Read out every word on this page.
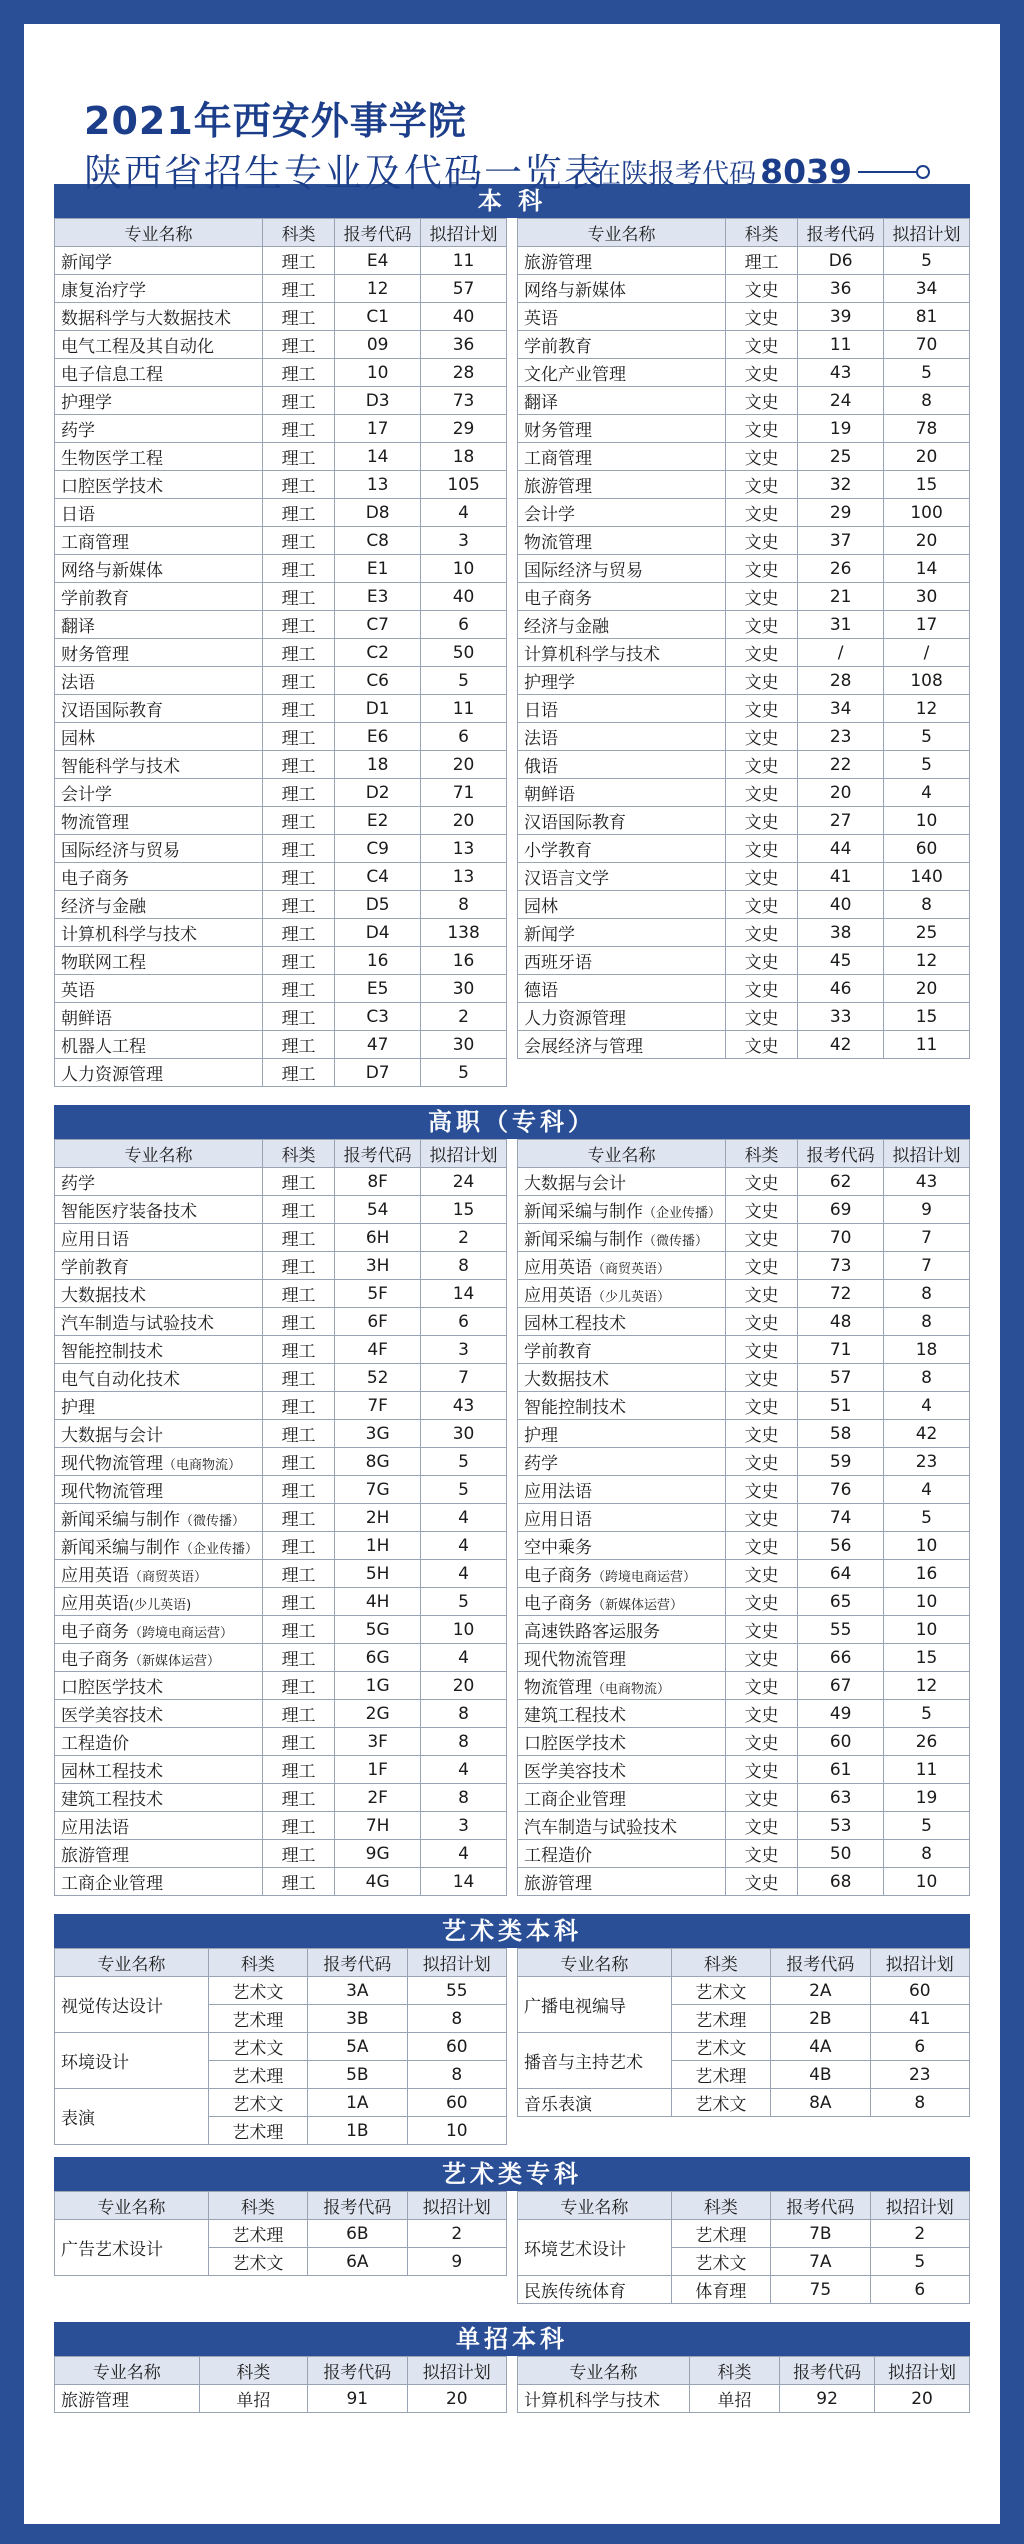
2021年西安外事学院
陕西省招生专业及代码一览表
在陕报考代码 8039
本 科
专业名称	科类	报考代码	拟招计划
新闻学	理工	E4	11
康复治疗学	理工	12	57
数据科学与大数据技术	理工	C1	40
电气工程及其自动化	理工	09	36
电子信息工程	理工	10	28
护理学	理工	D3	73
药学	理工	17	29
生物医学工程	理工	14	18
口腔医学技术	理工	13	105
日语	理工	D8	4
工商管理	理工	C8	3
网络与新媒体	理工	E1	10
学前教育	理工	E3	40
翻译	理工	C7	6
财务管理	理工	C2	50
法语	理工	C6	5
汉语国际教育	理工	D1	11
园林	理工	E6	6
智能科学与技术	理工	18	20
会计学	理工	D2	71
物流管理	理工	E2	20
国际经济与贸易	理工	C9	13
电子商务	理工	C4	13
经济与金融	理工	D5	8
计算机科学与技术	理工	D4	138
物联网工程	理工	16	16
英语	理工	E5	30
朝鲜语	理工	C3	2
机器人工程	理工	47	30
人力资源管理	理工	D7	5
专业名称	科类	报考代码	拟招计划
旅游管理	理工	D6	5
网络与新媒体	文史	36	34
英语	文史	39	81
学前教育	文史	11	70
文化产业管理	文史	43	5
翻译	文史	24	8
财务管理	文史	19	78
工商管理	文史	25	20
旅游管理	文史	32	15
会计学	文史	29	100
物流管理	文史	37	20
国际经济与贸易	文史	26	14
电子商务	文史	21	30
经济与金融	文史	31	17
计算机科学与技术	文史	/	/
护理学	文史	28	108
日语	文史	34	12
法语	文史	23	5
俄语	文史	22	5
朝鲜语	文史	20	4
汉语国际教育	文史	27	10
小学教育	文史	44	60
汉语言文学	文史	41	140
园林	文史	40	8
新闻学	文史	38	25
西班牙语	文史	45	12
德语	文史	46	20
人力资源管理	文史	33	15
会展经济与管理	文史	42	11
高职（专科）
专业名称	科类	报考代码	拟招计划
药学	理工	8F	24
智能医疗装备技术	理工	54	15
应用日语	理工	6H	2
学前教育	理工	3H	8
大数据技术	理工	5F	14
汽车制造与试验技术	理工	6F	6
智能控制技术	理工	4F	3
电气自动化技术	理工	52	7
护理	理工	7F	43
大数据与会计	理工	3G	30
现代物流管理（电商物流）	理工	8G	5
现代物流管理	理工	7G	5
新闻采编与制作（微传播）	理工	2H	4
新闻采编与制作（企业传播）	理工	1H	4
应用英语（商贸英语）	理工	5H	4
应用英语(少儿英语)	理工	4H	5
电子商务（跨境电商运营）	理工	5G	10
电子商务（新媒体运营）	理工	6G	4
口腔医学技术	理工	1G	20
医学美容技术	理工	2G	8
工程造价	理工	3F	8
园林工程技术	理工	1F	4
建筑工程技术	理工	2F	8
应用法语	理工	7H	3
旅游管理	理工	9G	4
工商企业管理	理工	4G	14
专业名称	科类	报考代码	拟招计划
大数据与会计	文史	62	43
新闻采编与制作（企业传播）	文史	69	9
新闻采编与制作（微传播）	文史	70	7
应用英语（商贸英语）	文史	73	7
应用英语（少儿英语）	文史	72	8
园林工程技术	文史	48	8
学前教育	文史	71	18
大数据技术	文史	57	8
智能控制技术	文史	51	4
护理	文史	58	42
药学	文史	59	23
应用法语	文史	76	4
应用日语	文史	74	5
空中乘务	文史	56	10
电子商务（跨境电商运营）	文史	64	16
电子商务（新媒体运营）	文史	65	10
高速铁路客运服务	文史	55	10
现代物流管理	文史	66	15
物流管理（电商物流）	文史	67	12
建筑工程技术	文史	49	5
口腔医学技术	文史	60	26
医学美容技术	文史	61	11
工商企业管理	文史	63	19
汽车制造与试验技术	文史	53	5
工程造价	文史	50	8
旅游管理	文史	68	10
艺术类本科
专业名称	科类	报考代码	拟招计划
视觉传达设计	艺术文	3A	55
	艺术理	3B	8
环境设计	艺术文	5A	60
	艺术理	5B	8
表演	艺术文	1A	60
	艺术理	1B	10
专业名称	科类	报考代码	拟招计划
广播电视编导	艺术文	2A	60
	艺术理	2B	41
播音与主持艺术	艺术文	4A	6
	艺术理	4B	23
音乐表演	艺术文	8A	8
艺术类专科
专业名称	科类	报考代码	拟招计划
广告艺术设计	艺术理	6B	2
	艺术文	6A	9
专业名称	科类	报考代码	拟招计划
环境艺术设计	艺术理	7B	2
	艺术文	7A	5
民族传统体育	体育理	75	6
单招本科
专业名称	科类	报考代码	拟招计划
旅游管理	单招	91	20
专业名称	科类	报考代码	拟招计划
计算机科学与技术	单招	92	20
